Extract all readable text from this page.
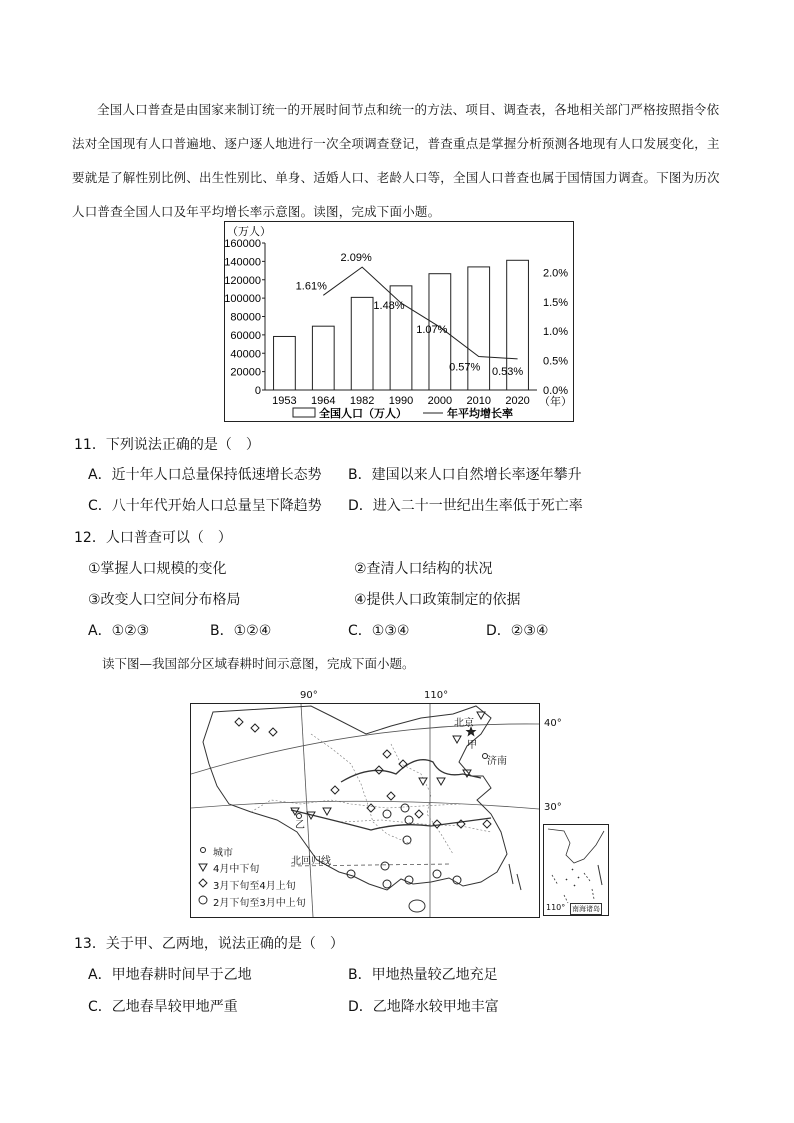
全国人口普查是由国家来制订统一的开展时间节点和统一的方法、项目、调查表，各地相关部门严格按照指令依法对全国现有人口普遍地、逐户逐人地进行一次全项调查登记，普查重点是掌握分析预测各地现有人口发展变化，主要就是了解性别比例、出生性别比、单身、适婚人口、老龄人口等，全国人口普查也属于国情国力调查。下图为历次人口普查全国人口及年平均增长率示意图。读图，完成下面小题。

0
20000
40000
60000
80000
100000
120000
140000
160000
0.0%
0.5%
1.0%
1.5%
2.0%
（万人）
（年）
1953 1964 1982 1990 2000 2010 2020
1.61%
2.09%
1.48%
1.07%
0.57% 0.53%
全国人口（万人）	年平均增长率
11．下列说法正确的是（　）
A．近十年人口总量保持低速增长态势 B．建国以来人口自然增长率逐年攀升
C．八十年代开始人口总量呈下降趋势 D．进入二十一世纪出生率低于死亡率
12．人口普查可以（　）
①掌握人口规模的变化	②查清人口结构的状况
③改变人口空间分布格局	④提供人口政策制定的依据
A．①②③	B．①②④	C．①③④	D．②③④
读下图—我国部分区域春耕时间示意图，完成下面小题。
90°	110°
40°
30°
北京
甲
济南
乙
北回归线
城市
4月中下旬
3月下旬至4月上旬
2月下旬至3月中上旬	110° 南海诸岛
13．关于甲、乙两地，说法正确的是（　）
A．甲地春耕时间早于乙地	B．甲地热量较乙地充足
C．乙地春旱较甲地严重	D．乙地降水较甲地丰富
